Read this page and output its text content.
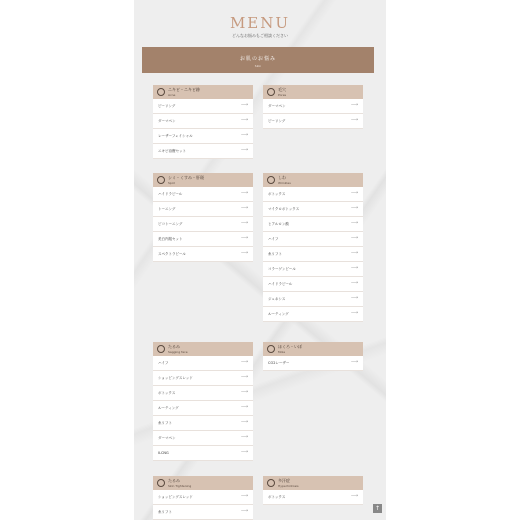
MENU
どんなお悩みもご相談ください
お肌のお悩み
Skin
ニキビ・ニキビ跡
Acne
ピーリング	⟶
ダーマペン	⟶
レーザーフェイシャル	⟶
ニキビ治療セット	⟶
毛穴
Pores
ダーマペン	⟶
ピーリング	⟶
シミ・くすみ・肝斑
Spot
ハイドラピール	⟶
トーニング	⟶
ピコトーニング	⟶
美白内服セット	⟶
スペクトラピール	⟶
しわ
Wrinkles
ボトックス	⟶
マイクロボトックス	⟶
ヒアルロン酸	⟶
ハイフ	⟶
糸リフト	⟶
コラーゲンピール	⟶
ハイドラピール	⟶
ジェネシス	⟶
ルーティング	⟶
たるみ
Sagging face
ハイフ	⟶
ショッピングスレッド	⟶
ボトックス	⟶
ルーティング	⟶
糸リフト	⟶
ダーマペン	⟶
Ⅱ-CNG	⟶
ほくろ・いぼ
Mole
CO2レーザー	⟶
たるみ
Skin Tightening
ショッピングスレッド	⟶
糸リフト	⟶
多汗症
Hyperhidrosis
ボトックス	⟶
↑
